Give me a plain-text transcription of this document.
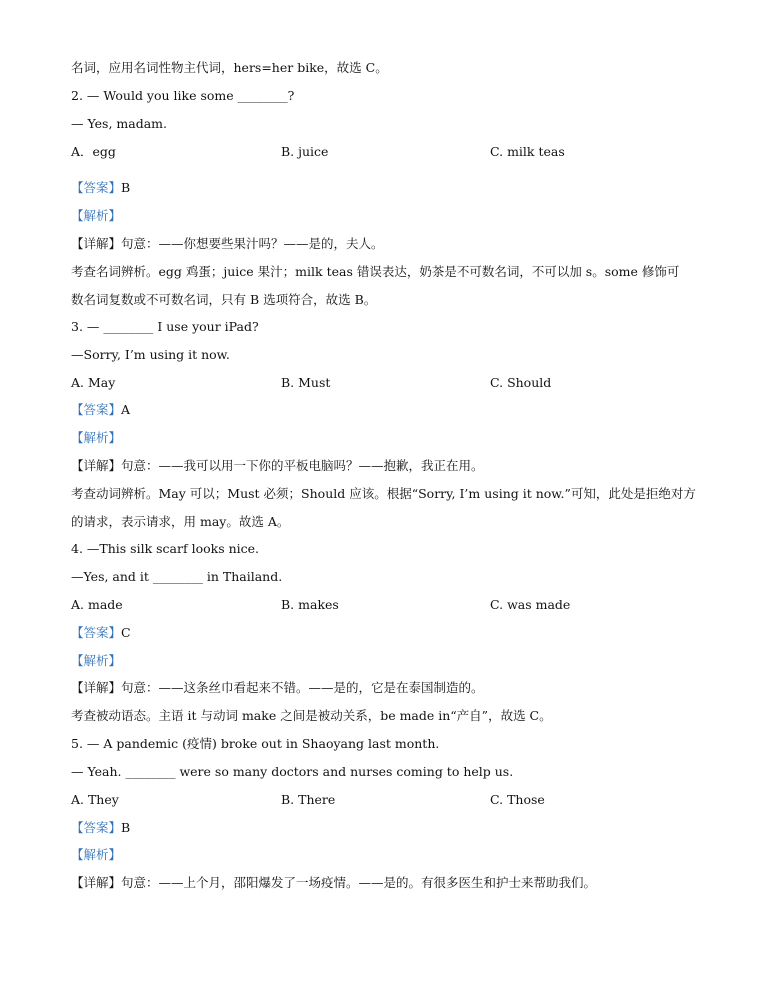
名词，应用名词性物主代词，hers=her bike，故选 C。
2. — Would you like some ________?
— Yes, madam.
A．egg	B. juice	C. milk teas
【答案】B
【解析】
【详解】句意：——你想要些果汁吗？——是的，夫人。
考查名词辨析。egg 鸡蛋；juice 果汁；milk teas 错误表达，奶茶是不可数名词，不可以加 s。some 修饰可
数名词复数或不可数名词，只有 B 选项符合，故选 B。
3. — ________ I use your iPad?
—Sorry, I’m using it now.
A. May	B. Must	C. Should
【答案】A
【解析】
【详解】句意：——我可以用一下你的平板电脑吗？——抱歉，我正在用。
考查动词辨析。May 可以；Must 必须；Should 应该。根据“Sorry, I’m using it now.”可知，此处是拒绝对方
的请求，表示请求，用 may。故选 A。
4. —This silk scarf looks nice.
—Yes, and it ________ in Thailand.
A. made	B. makes	C. was made
【答案】C
【解析】
【详解】句意：——这条丝巾看起来不错。——是的，它是在泰国制造的。
考查被动语态。主语 it 与动词 make 之间是被动关系，be made in“产自”，故选 C。
5. — A pandemic (疫情) broke out in Shaoyang last month.
— Yeah. ________ were so many doctors and nurses coming to help us.
A. They	B. There	C. Those
【答案】B
【解析】
【详解】句意：——上个月，邵阳爆发了一场疫情。——是的。有很多医生和护士来帮助我们。
